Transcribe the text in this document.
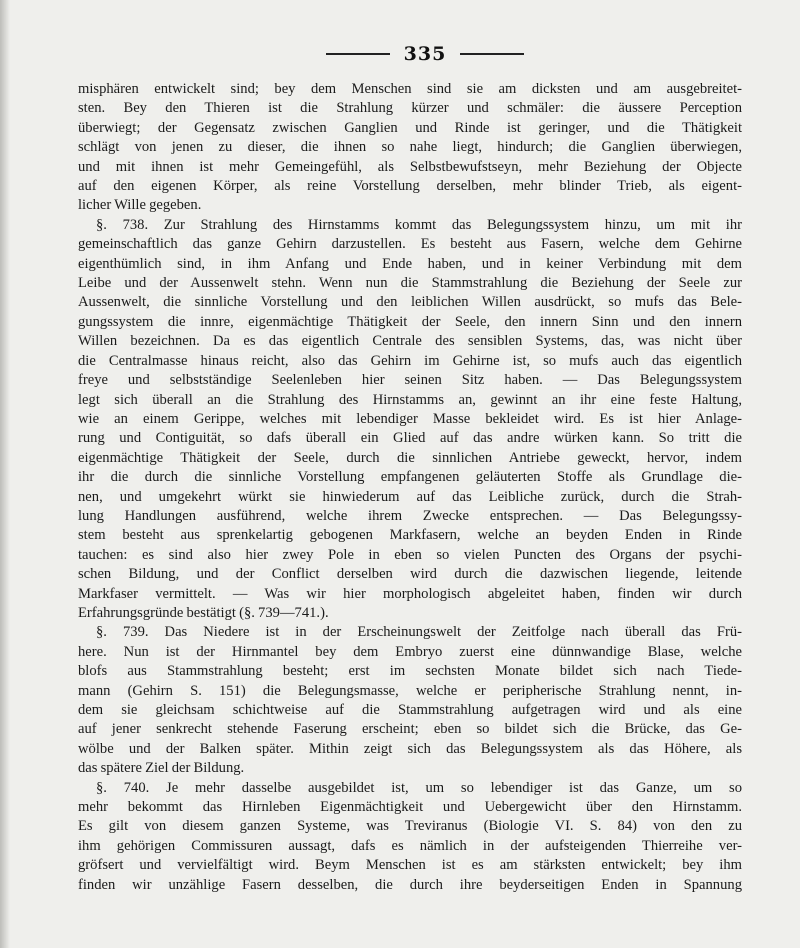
335
misphären entwickelt sind; bey dem Menschen sind sie am dicksten und am ausgebreitet-
sten. Bey den Thieren ist die Strahlung kürzer und schmäler: die äussere Perception
überwiegt; der Gegensatz zwischen Ganglien und Rinde ist geringer, und die Thätigkeit
schlägt von jenen zu dieser, die ihnen so nahe liegt, hindurch; die Ganglien überwiegen,
und mit ihnen ist mehr Gemeingefühl, als Selbstbewufstseyn, mehr Beziehung der Objecte
auf den eigenen Körper, als reine Vorstellung derselben, mehr blinder Trieb, als eigent-
licher Wille gegeben.
§. 738. Zur Strahlung des Hirnstamms kommt das Belegungssystem hinzu, um mit ihr
gemeinschaftlich das ganze Gehirn darzustellen. Es besteht aus Fasern, welche dem Gehirne
eigenthümlich sind, in ihm Anfang und Ende haben, und in keiner Verbindung mit dem
Leibe und der Aussenwelt stehn. Wenn nun die Stammstrahlung die Beziehung der Seele zur
Aussenwelt, die sinnliche Vorstellung und den leiblichen Willen ausdrückt, so mufs das Bele-
gungssystem die innre, eigenmächtige Thätigkeit der Seele, den innern Sinn und den innern
Willen bezeichnen. Da es das eigentlich Centrale des sensiblen Systems, das, was nicht über
die Centralmasse hinaus reicht, also das Gehirn im Gehirne ist, so mufs auch das eigentlich
freye und selbstständige Seelenleben hier seinen Sitz haben. — Das Belegungssystem
legt sich überall an die Strahlung des Hirnstamms an, gewinnt an ihr eine feste Haltung,
wie an einem Gerippe, welches mit lebendiger Masse bekleidet wird. Es ist hier Anlage-
rung und Contiguität, so dafs überall ein Glied auf das andre würken kann. So tritt die
eigenmächtige Thätigkeit der Seele, durch die sinnlichen Antriebe geweckt, hervor, indem
ihr die durch die sinnliche Vorstellung empfangenen geläuterten Stoffe als Grundlage die-
nen, und umgekehrt würkt sie hinwiederum auf das Leibliche zurück, durch die Strah-
lung Handlungen ausführend, welche ihrem Zwecke entsprechen. — Das Belegungssy-
stem besteht aus sprenkelartig gebogenen Markfasern, welche an beyden Enden in Rinde
tauchen: es sind also hier zwey Pole in eben so vielen Puncten des Organs der psychi-
schen Bildung, und der Conflict derselben wird durch die dazwischen liegende, leitende
Markfaser vermittelt. — Was wir hier morphologisch abgeleitet haben, finden wir durch
Erfahrungsgründe bestätigt (§. 739—741.).
§. 739. Das Niedere ist in der Erscheinungswelt der Zeitfolge nach überall das Frü-
here. Nun ist der Hirnmantel bey dem Embryo zuerst eine dünnwandige Blase, welche
blofs aus Stammstrahlung besteht; erst im sechsten Monate bildet sich nach Tiede-
mann (Gehirn S. 151) die Belegungsmasse, welche er peripherische Strahlung nennt, in-
dem sie gleichsam schichtweise auf die Stammstrahlung aufgetragen wird und als eine
auf jener senkrecht stehende Faserung erscheint; eben so bildet sich die Brücke, das Ge-
wölbe und der Balken später. Mithin zeigt sich das Belegungssystem als das Höhere, als
das spätere Ziel der Bildung.
§. 740. Je mehr dasselbe ausgebildet ist, um so lebendiger ist das Ganze, um so
mehr bekommt das Hirnleben Eigenmächtigkeit und Uebergewicht über den Hirnstamm.
Es gilt von diesem ganzen Systeme, was Treviranus (Biologie VI. S. 84) von den zu
ihm gehörigen Commissuren aussagt, dafs es nämlich in der aufsteigenden Thierreihe ver-
gröfsert und vervielfältigt wird. Beym Menschen ist es am stärksten entwickelt; bey ihm
finden wir unzählige Fasern desselben, die durch ihre beyderseitigen Enden in Spannung
